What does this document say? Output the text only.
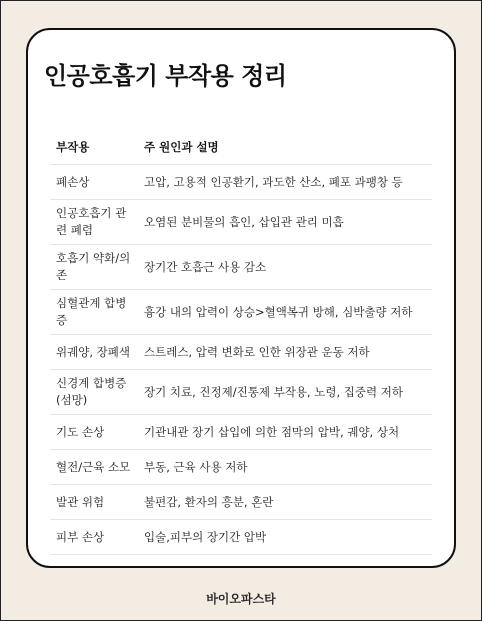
인공호흡기 부작용 정리
부작용	주 원인과 설명
폐손상	고압, 고용적 인공환기, 과도한 산소, 폐포 과팽창 등
인공호흡기 관련 폐렴	오염된 분비물의 흡인, 삽입관 관리 미흡
호흡기 약화/의존	장기간 호흡근 사용 감소
심혈관계 합병증	흉강 내의 압력이 상승>혈액복귀 방해, 심박출량 저하
위궤양, 장폐색	스트레스, 압력 변화로 인한 위장관 운동 저하
신경계 합병증(섬망)	장기 치료, 진정제/진통제 부작용, 노령, 집중력 저하
기도 손상	기관내관 장기 삽입에 의한 점막의 압박, 궤양, 상처
혈전/근육 소모	부동, 근육 사용 저하
발관 위험	불편감, 환자의 흥분, 혼란
피부 손상	입술,피부의 장기간 압박
바이오파스타
